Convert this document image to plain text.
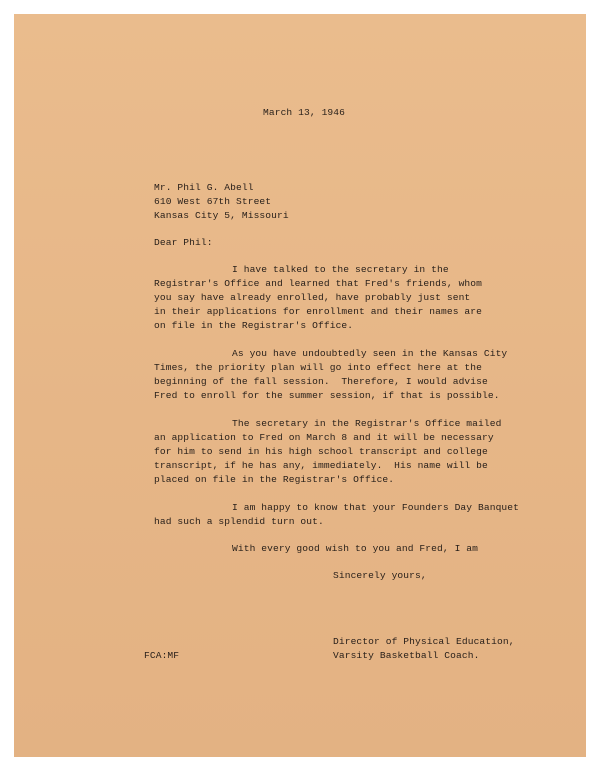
March 13, 1946
Mr. Phil G. Abell
610 West 67th Street
Kansas City 5, Missouri
Dear Phil:
I have talked to the secretary in the
Registrar's Office and learned that Fred's friends, whom
you say have already enrolled, have probably just sent
in their applications for enrollment and their names are
on file in the Registrar's Office.
As you have undoubtedly seen in the Kansas City
Times, the priority plan will go into effect here at the
beginning of the fall session.  Therefore, I would advise
Fred to enroll for the summer session, if that is possible.
The secretary in the Registrar's Office mailed
an application to Fred on March 8 and it will be necessary
for him to send in his high school transcript and college
transcript, if he has any, immediately.  His name will be
placed on file in the Registrar's Office.
I am happy to know that your Founders Day Banquet
had such a splendid turn out.
With every good wish to you and Fred, I am
Sincerely yours,
Director of Physical Education,
Varsity Basketball Coach.
FCA:MF
